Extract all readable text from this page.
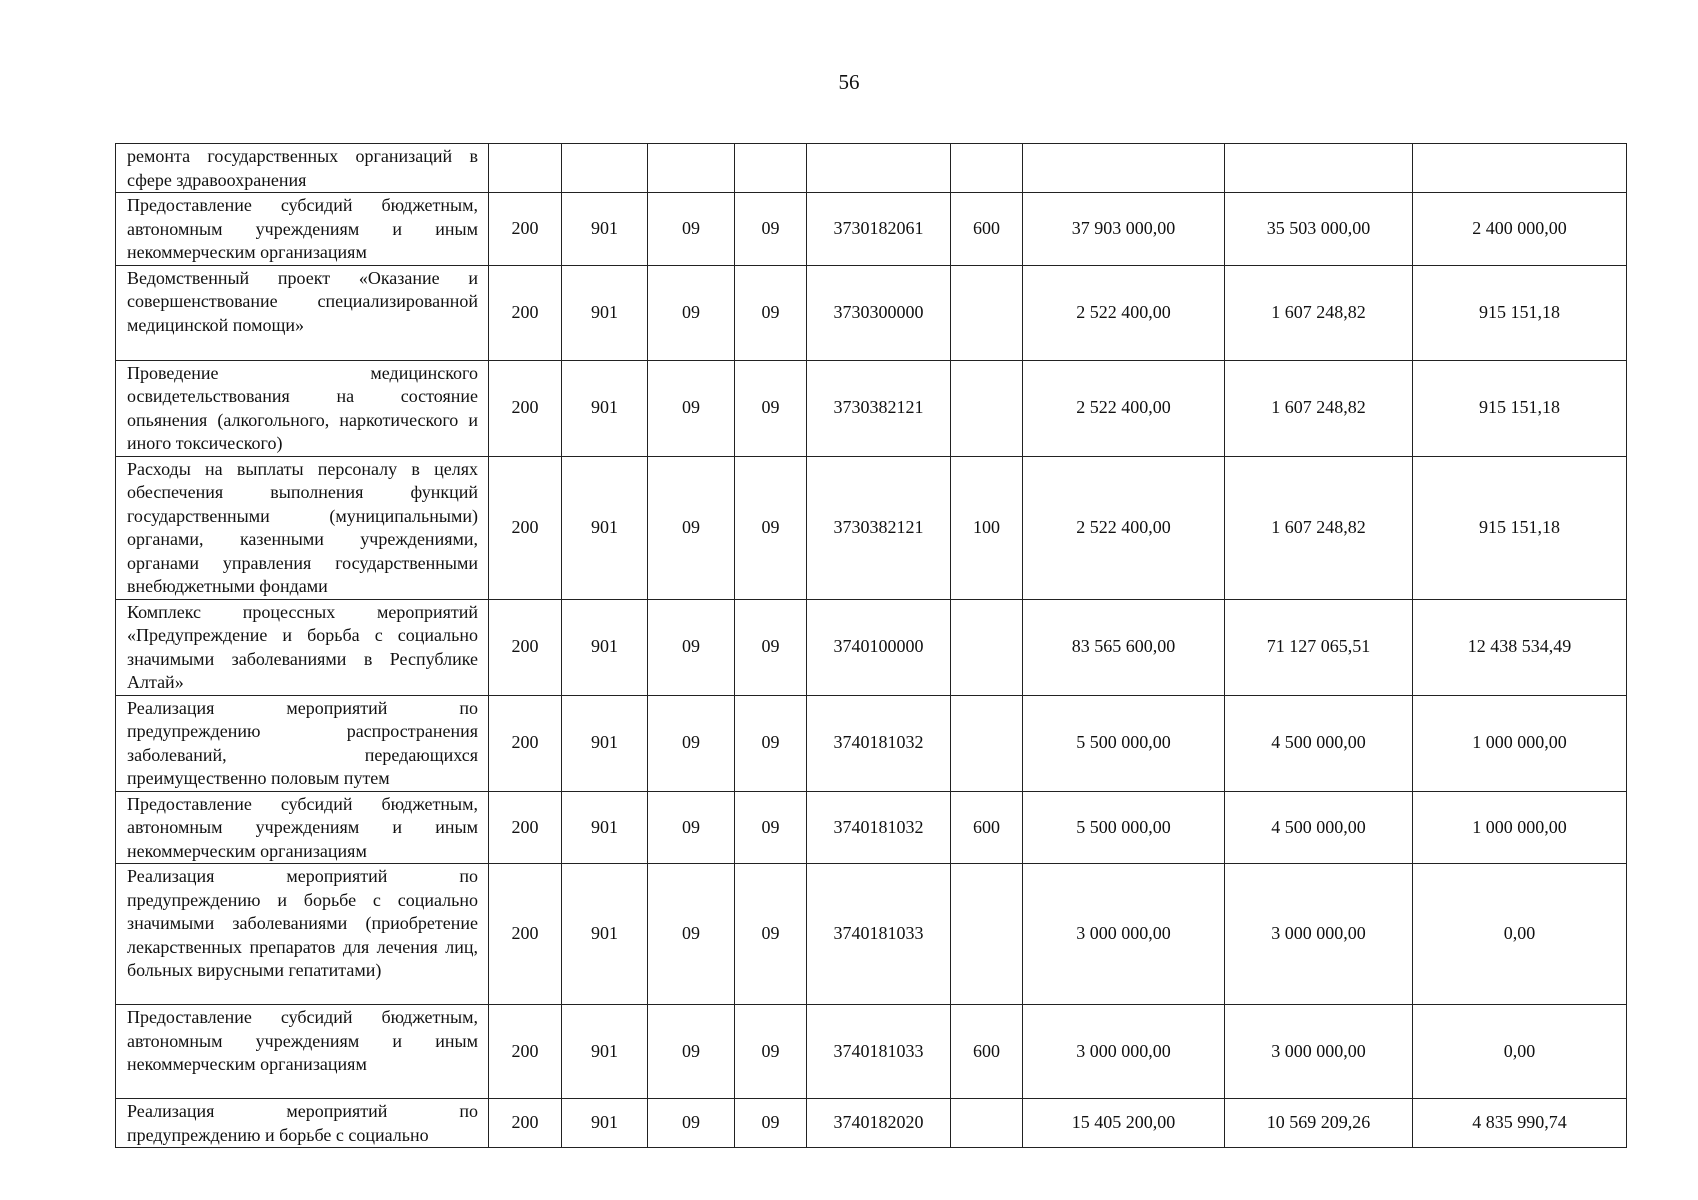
56
ремонта государственных организаций в сфере здравоохранения									
Предоставление субсидий бюджетным, автономным учреждениям и иным некоммерческим организациям	200	901	09	09	3730182061	600	37 903 000,00	35 503 000,00	2 400 000,00
Ведомственный проект «Оказание и совершенствование специализированной медицинской помощи»	200	901	09	09	3730300000		2 522 400,00	1 607 248,82	915 151,18
Проведение медицинского освидетельствования на состояние опьянения (алкогольного, наркотического и иного токсического)	200	901	09	09	3730382121		2 522 400,00	1 607 248,82	915 151,18
Расходы на выплаты персоналу в целях обеспечения выполнения функций государственными (муниципальными) органами, казенными учреждениями, органами управления государственными внебюджетными фондами	200	901	09	09	3730382121	100	2 522 400,00	1 607 248,82	915 151,18
Комплекс процессных мероприятий «Предупреждение и борьба с социально значимыми заболеваниями в Республике Алтай»	200	901	09	09	3740100000		83 565 600,00	71 127 065,51	12 438 534,49
Реализация мероприятий по предупреждению распространения заболеваний, передающихся преимущественно половым путем	200	901	09	09	3740181032		5 500 000,00	4 500 000,00	1 000 000,00
Предоставление субсидий бюджетным, автономным учреждениям и иным некоммерческим организациям	200	901	09	09	3740181032	600	5 500 000,00	4 500 000,00	1 000 000,00
Реализация мероприятий по предупреждению и борьбе с социально значимыми заболеваниями (приобретение лекарственных препаратов для лечения лиц, больных вирусными гепатитами)	200	901	09	09	3740181033		3 000 000,00	3 000 000,00	0,00
Предоставление субсидий бюджетным, автономным учреждениям и иным некоммерческим организациям	200	901	09	09	3740181033	600	3 000 000,00	3 000 000,00	0,00
Реализация мероприятий по предупреждению и борьбе с социально	200	901	09	09	3740182020		15 405 200,00	10 569 209,26	4 835 990,74
